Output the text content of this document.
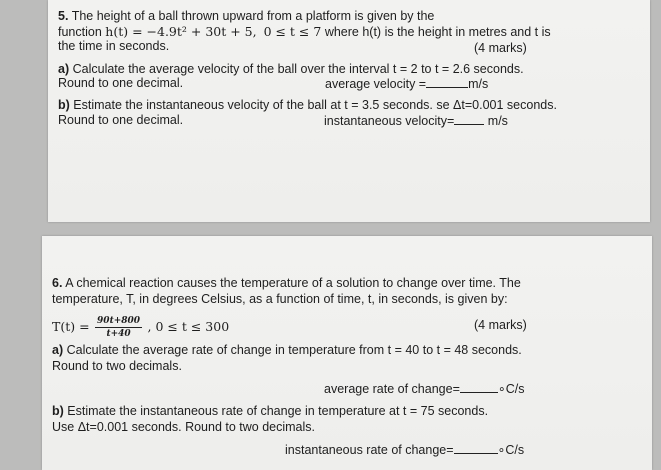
5. The height of a ball thrown upward from a platform is given by the
function h(t) = −4.9t² + 30t + 5, 0 ≤ t ≤ 7 where h(t) is the height in metres and t is
the time in seconds.	(4 marks)
a) Calculate the average velocity of the ball over the interval t = 2 to t = 2.6 seconds.
Round to one decimal.	average velocity =	m/s
b) Estimate the instantaneous velocity of the ball at t = 3.5 seconds. se Δt=0.001 seconds.
Round to one decimal.	instantaneous velocity=	m/s
6. A chemical reaction causes the temperature of a solution to change over time. The
temperature, T, in degrees Celsius, as a function of time, t, in seconds, is given by:
$T(t) = \frac{90t+800}{t+40}$ , 0 ≤ t ≤ 300	(4 marks)
a) Calculate the average rate of change in temperature from t = 40 to t = 48 seconds.
Round to two decimals.
average rate of change=	∘C/s
b) Estimate the instantaneous rate of change in temperature at t = 75 seconds.
Use Δt=0.001 seconds. Round to two decimals.
instantaneous rate of change=	∘C/s
